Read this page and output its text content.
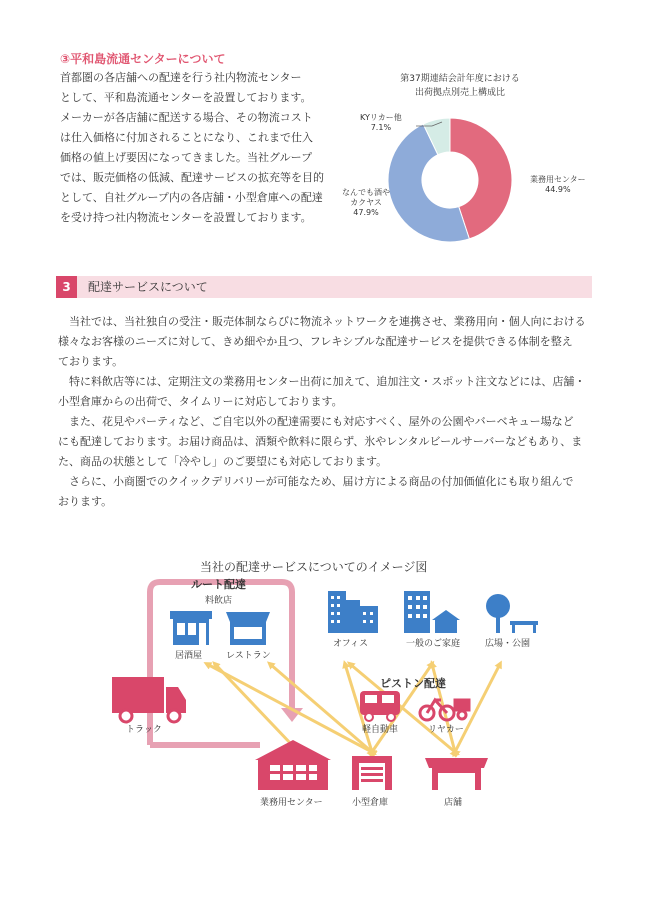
③平和島流通センターについて
首都圏の各店舗への配達を行う社内物流センター
として、平和島流通センターを設置しております。
メーカーが各店舗に配送する場合、その物流コスト
は仕入価格に付加されることになり、これまで仕入
価格の値上げ要因になってきました。当社グループ
では、販売価格の低減、配達サービスの拡充等を目的
として、自社グループ内の各店舗・小型倉庫への配達
を受け持つ社内物流センターを設置しております。
第37期連結会計年度における
出荷拠点別売上構成比
KYリカー他
7.1%
業務用センター
44.9%
なんでも酒や
カクヤス
47.9%
3	配達サービスについて
　当社では、当社独自の受注・販売体制ならびに物流ネットワークを連携させ、業務用向・個人向における
様々なお客様のニーズに対して、きめ細やか且つ、フレキシブルな配達サービスを提供できる体制を整え
ております。
　特に料飲店等には、定期注文の業務用センター出荷に加えて、追加注文・スポット注文などには、店舗・
小型倉庫からの出荷で、タイムリーに対応しております。
　また、花見やパーティなど、ご自宅以外の配達需要にも対応すべく、屋外の公園やバーベキュー場など
にも配達しております。お届け商品は、酒類や飲料に限らず、氷やレンタルビールサーバーなどもあり、ま
た、商品の状態として「冷やし」のご要望にも対応しております。
　さらに、小商圏でのクイックデリバリーが可能なため、届け方による商品の付加価値化にも取り組んで
おります。
当社の配達サービスについてのイメージ図
ルート配達
料飲店
居酒屋	レストラン
オフィス	一般のご家庭	広場・公園
ピストン配達
トラック	軽自動車	リヤカー
業務用センター	小型倉庫	店舗
